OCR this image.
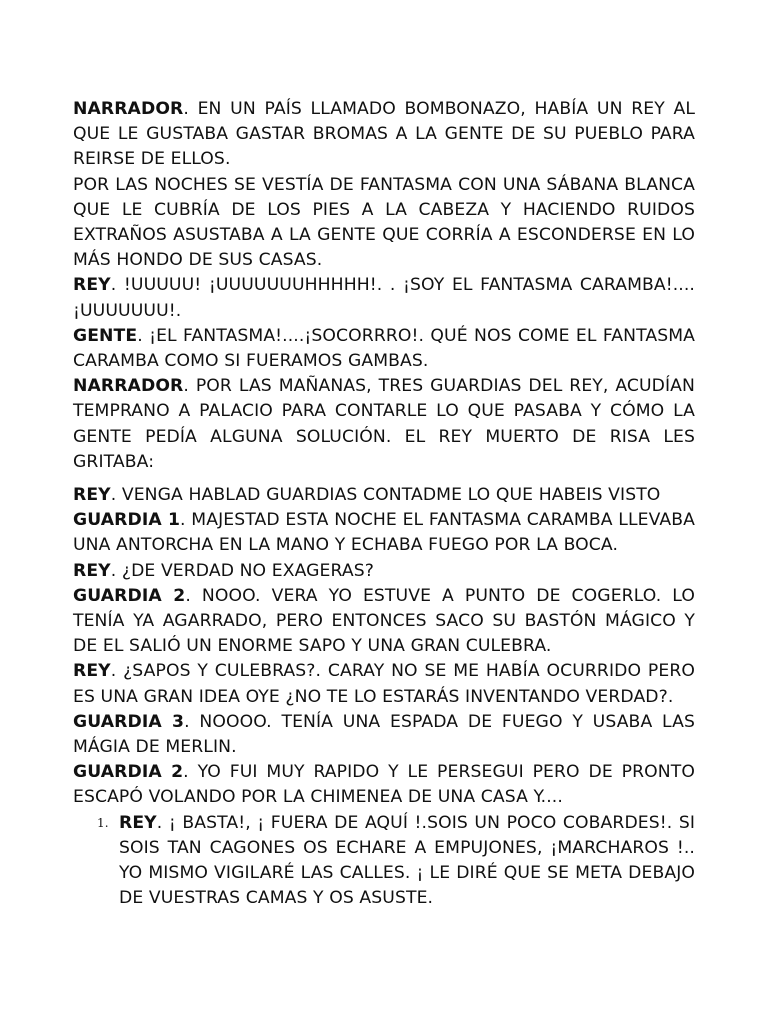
NARRADOR. EN UN PAÍS LLAMADO BOMBONAZO, HABÍA UN REY AL QUE LE GUSTABA GASTAR BROMAS A LA GENTE DE SU PUEBLO PARA REIRSE DE ELLOS.

POR LAS NOCHES SE VESTÍA DE FANTASMA CON UNA SÁBANA BLANCA QUE LE CUBRÍA DE LOS PIES A LA CABEZA Y HACIENDO RUIDOS EXTRAÑOS ASUSTABA A LA GENTE QUE CORRÍA A ESCONDERSE EN LO MÁS HONDO DE SUS CASAS.

REY. !UUUUU! ¡UUUUUUUHHHHH!. . ¡SOY EL FANTASMA CARAMBA!.... ¡UUUUUUU!.

GENTE. ¡EL FANTASMA!....¡SOCORRRO!. QUÉ NOS COME EL FANTASMA CARAMBA COMO SI FUERAMOS GAMBAS.

NARRADOR. POR LAS MAÑANAS, TRES GUARDIAS DEL REY, ACUDÍAN TEMPRANO A PALACIO PARA CONTARLE LO QUE PASABA Y CÓMO LA GENTE PEDÍA ALGUNA SOLUCIÓN. EL REY MUERTO DE RISA LES GRITABA:

REY. VENGA HABLAD GUARDIAS CONTADME LO QUE HABEIS VISTO

GUARDIA 1. MAJESTAD ESTA NOCHE EL FANTASMA CARAMBA LLEVABA UNA ANTORCHA EN LA MANO Y ECHABA FUEGO POR LA BOCA.

REY. ¿DE VERDAD NO EXAGERAS?

GUARDIA 2. NOOO. VERA YO ESTUVE A PUNTO DE COGERLO. LO TENÍA YA AGARRADO, PERO ENTONCES SACO SU BASTÓN MÁGICO Y DE EL SALIÓ UN ENORME SAPO Y UNA GRAN CULEBRA.

REY. ¿SAPOS Y CULEBRAS?. CARAY NO SE ME HABÍA OCURRIDO PERO ES UNA GRAN IDEA OYE ¿NO TE LO ESTARÁS INVENTANDO VERDAD?.

GUARDIA 3. NOOOO. TENÍA UNA ESPADA DE FUEGO Y USABA LAS MÁGIA DE MERLIN.

GUARDIA 2. YO FUI MUY RAPIDO Y LE PERSEGUI PERO DE PRONTO ESCAPÓ VOLANDO POR LA CHIMENEA DE UNA CASA Y....

1. REY. ¡ BASTA!, ¡ FUERA DE AQUÍ !.SOIS UN POCO COBARDES!. SI SOIS TAN CAGONES OS ECHARE A EMPUJONES, ¡MARCHAROS !.. YO MISMO VIGILARÉ LAS CALLES. ¡ LE DIRÉ QUE SE META DEBAJO DE VUESTRAS CAMAS Y OS ASUSTE.
